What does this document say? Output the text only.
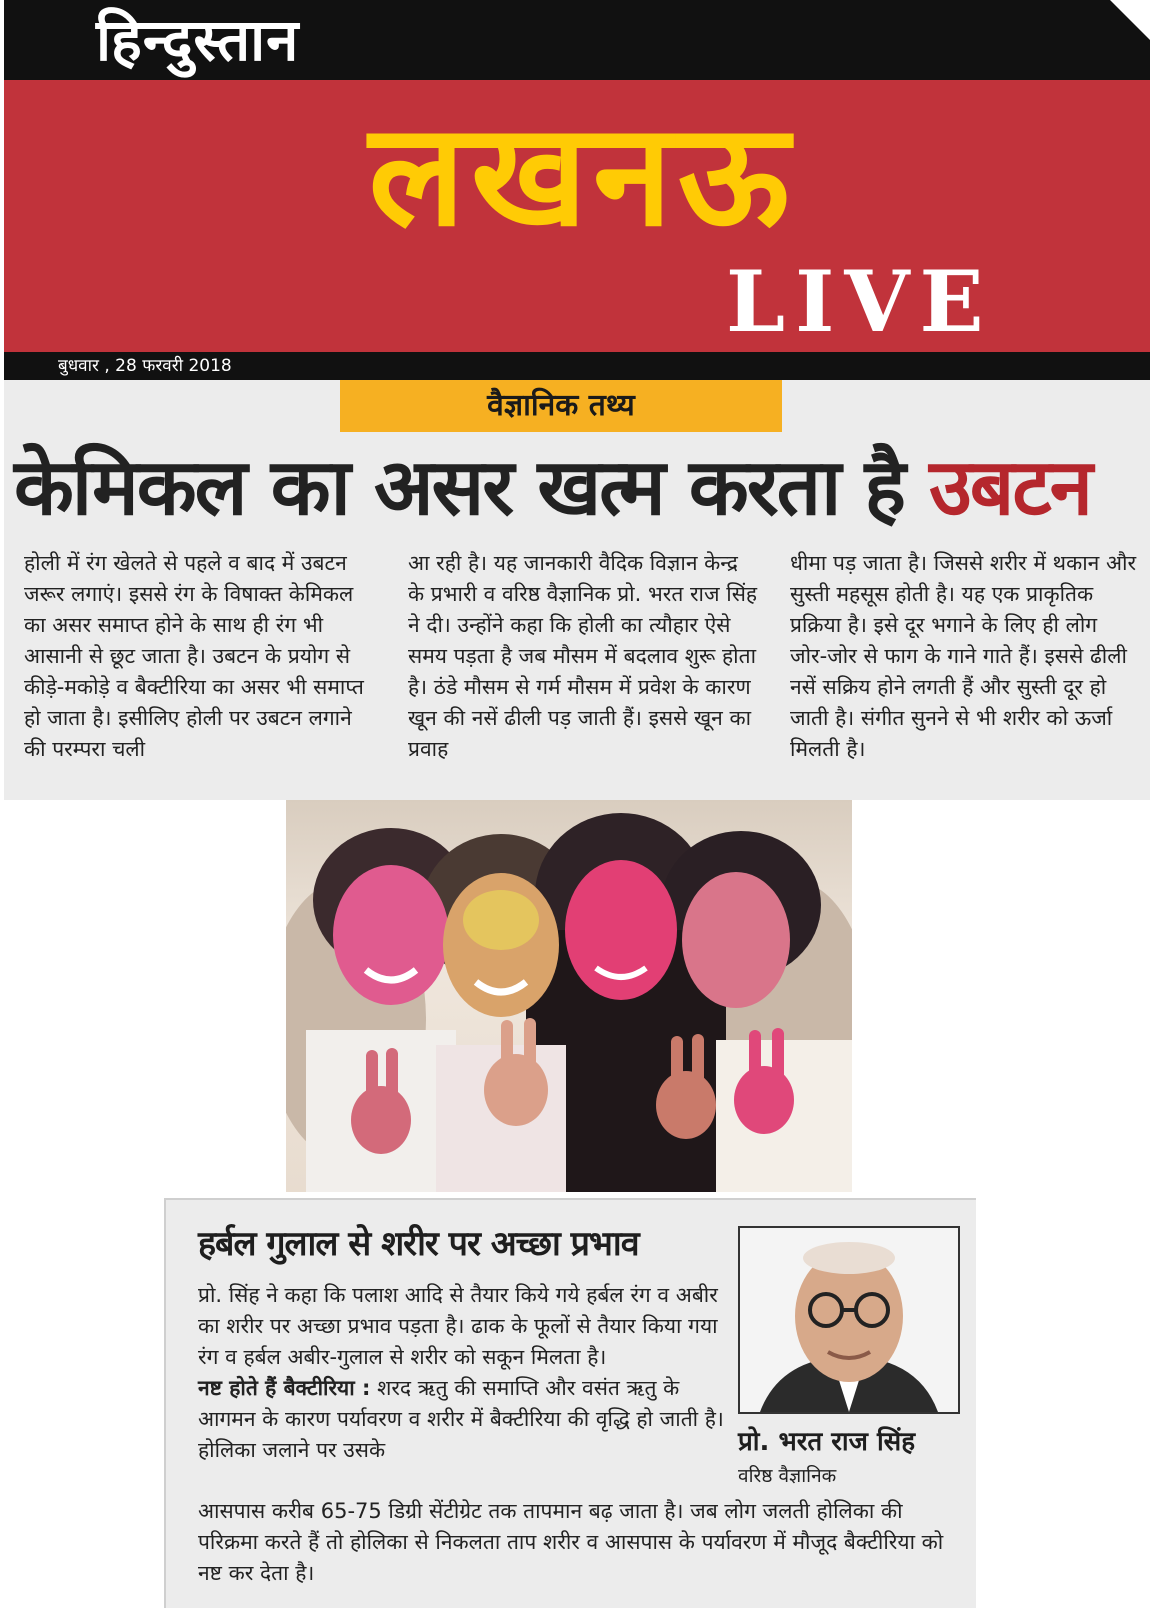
हिन्दुस्तान
लखनऊ
LIVE
बुधवार , 28 फरवरी 2018
वैज्ञानिक तथ्य
केमिकल का असर खत्म करता है उबटन
होली में रंग खेलते से पहले व बाद में उबटन जरूर लगाएं। इससे रंग के विषाक्त केमिकल का असर समाप्त होने के साथ ही रंग भी आसानी से छूट जाता है। उबटन के प्रयोग से कीड़े-मकोड़े व बैक्टीरिया का असर भी समाप्त हो जाता है। इसीलिए होली पर उबटन लगाने की परम्परा चली
आ रही है। यह जानकारी वैदिक विज्ञान केन्द्र के प्रभारी व वरिष्ठ वैज्ञानिक प्रो. भरत राज सिंह ने दी। उन्होंने कहा कि होली का त्यौहार ऐसे समय पड़ता है जब मौसम में बदलाव शुरू होता है। ठंडे मौसम से गर्म मौसम में प्रवेश के कारण खून की नसें ढीली पड़ जाती हैं। इससे खून का प्रवाह
धीमा पड़ जाता है। जिससे शरीर में थकान और सुस्ती महसूस होती है। यह एक प्राकृतिक प्रक्रिया है। इसे दूर भगाने के लिए ही लोग जोर-जोर से फाग के गाने गाते हैं। इससे ढीली नसें सक्रिय होने लगती हैं और सुस्ती दूर हो जाती है। संगीत सुनने से भी शरीर को ऊर्जा मिलती है।
हर्बल गुलाल से शरीर पर अच्छा प्रभाव
प्रो. सिंह ने कहा कि पलाश आदि से तैयार किये गये हर्बल रंग व अबीर का शरीर पर अच्छा प्रभाव पड़ता है। ढाक के फूलों से तैयार किया गया रंग व हर्बल अबीर-गुलाल से शरीर को सकून मिलता है।
नष्ट होते हैं बैक्टीरिया : शरद ऋतु की समाप्ति और वसंत ऋतु के आगमन के कारण पर्यावरण व शरीर में बैक्टीरिया की वृद्धि हो जाती है। होलिका जलाने पर उसके
आसपास करीब 65-75 डिग्री सेंटीग्रेट तक तापमान बढ़ जाता है। जब लोग जलती होलिका की परिक्रमा करते हैं तो होलिका से निकलता ताप शरीर व आसपास के पर्यावरण में मौजूद बैक्टीरिया को नष्ट कर देता है।
प्रो. भरत राज सिंह
वरिष्ठ वैज्ञानिक
